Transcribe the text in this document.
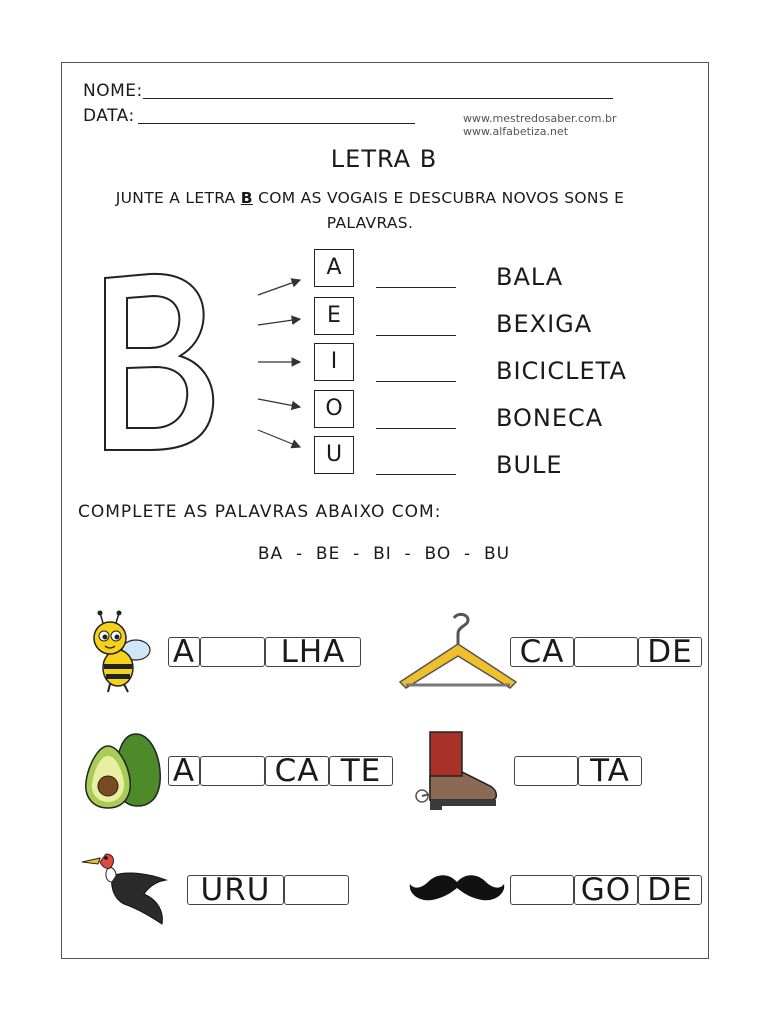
NOME:
DATA:	www.mestredosaber.com.br
www.alfabetiza.net
LETRA B
JUNTE A LETRA B COM AS VOGAIS E DESCUBRA NOVOS SONS E
PALAVRAS.
A
E
I
O
U
BALA
BEXIGA
BICICLETA
BONECA
BULE
COMPLETE AS PALAVRAS ABAIXO COM:
BA  -  BE  -  BI  -  BO  -  BU
A	LHA	CA	DE
A	CA TE	TA
URU	GO DE
